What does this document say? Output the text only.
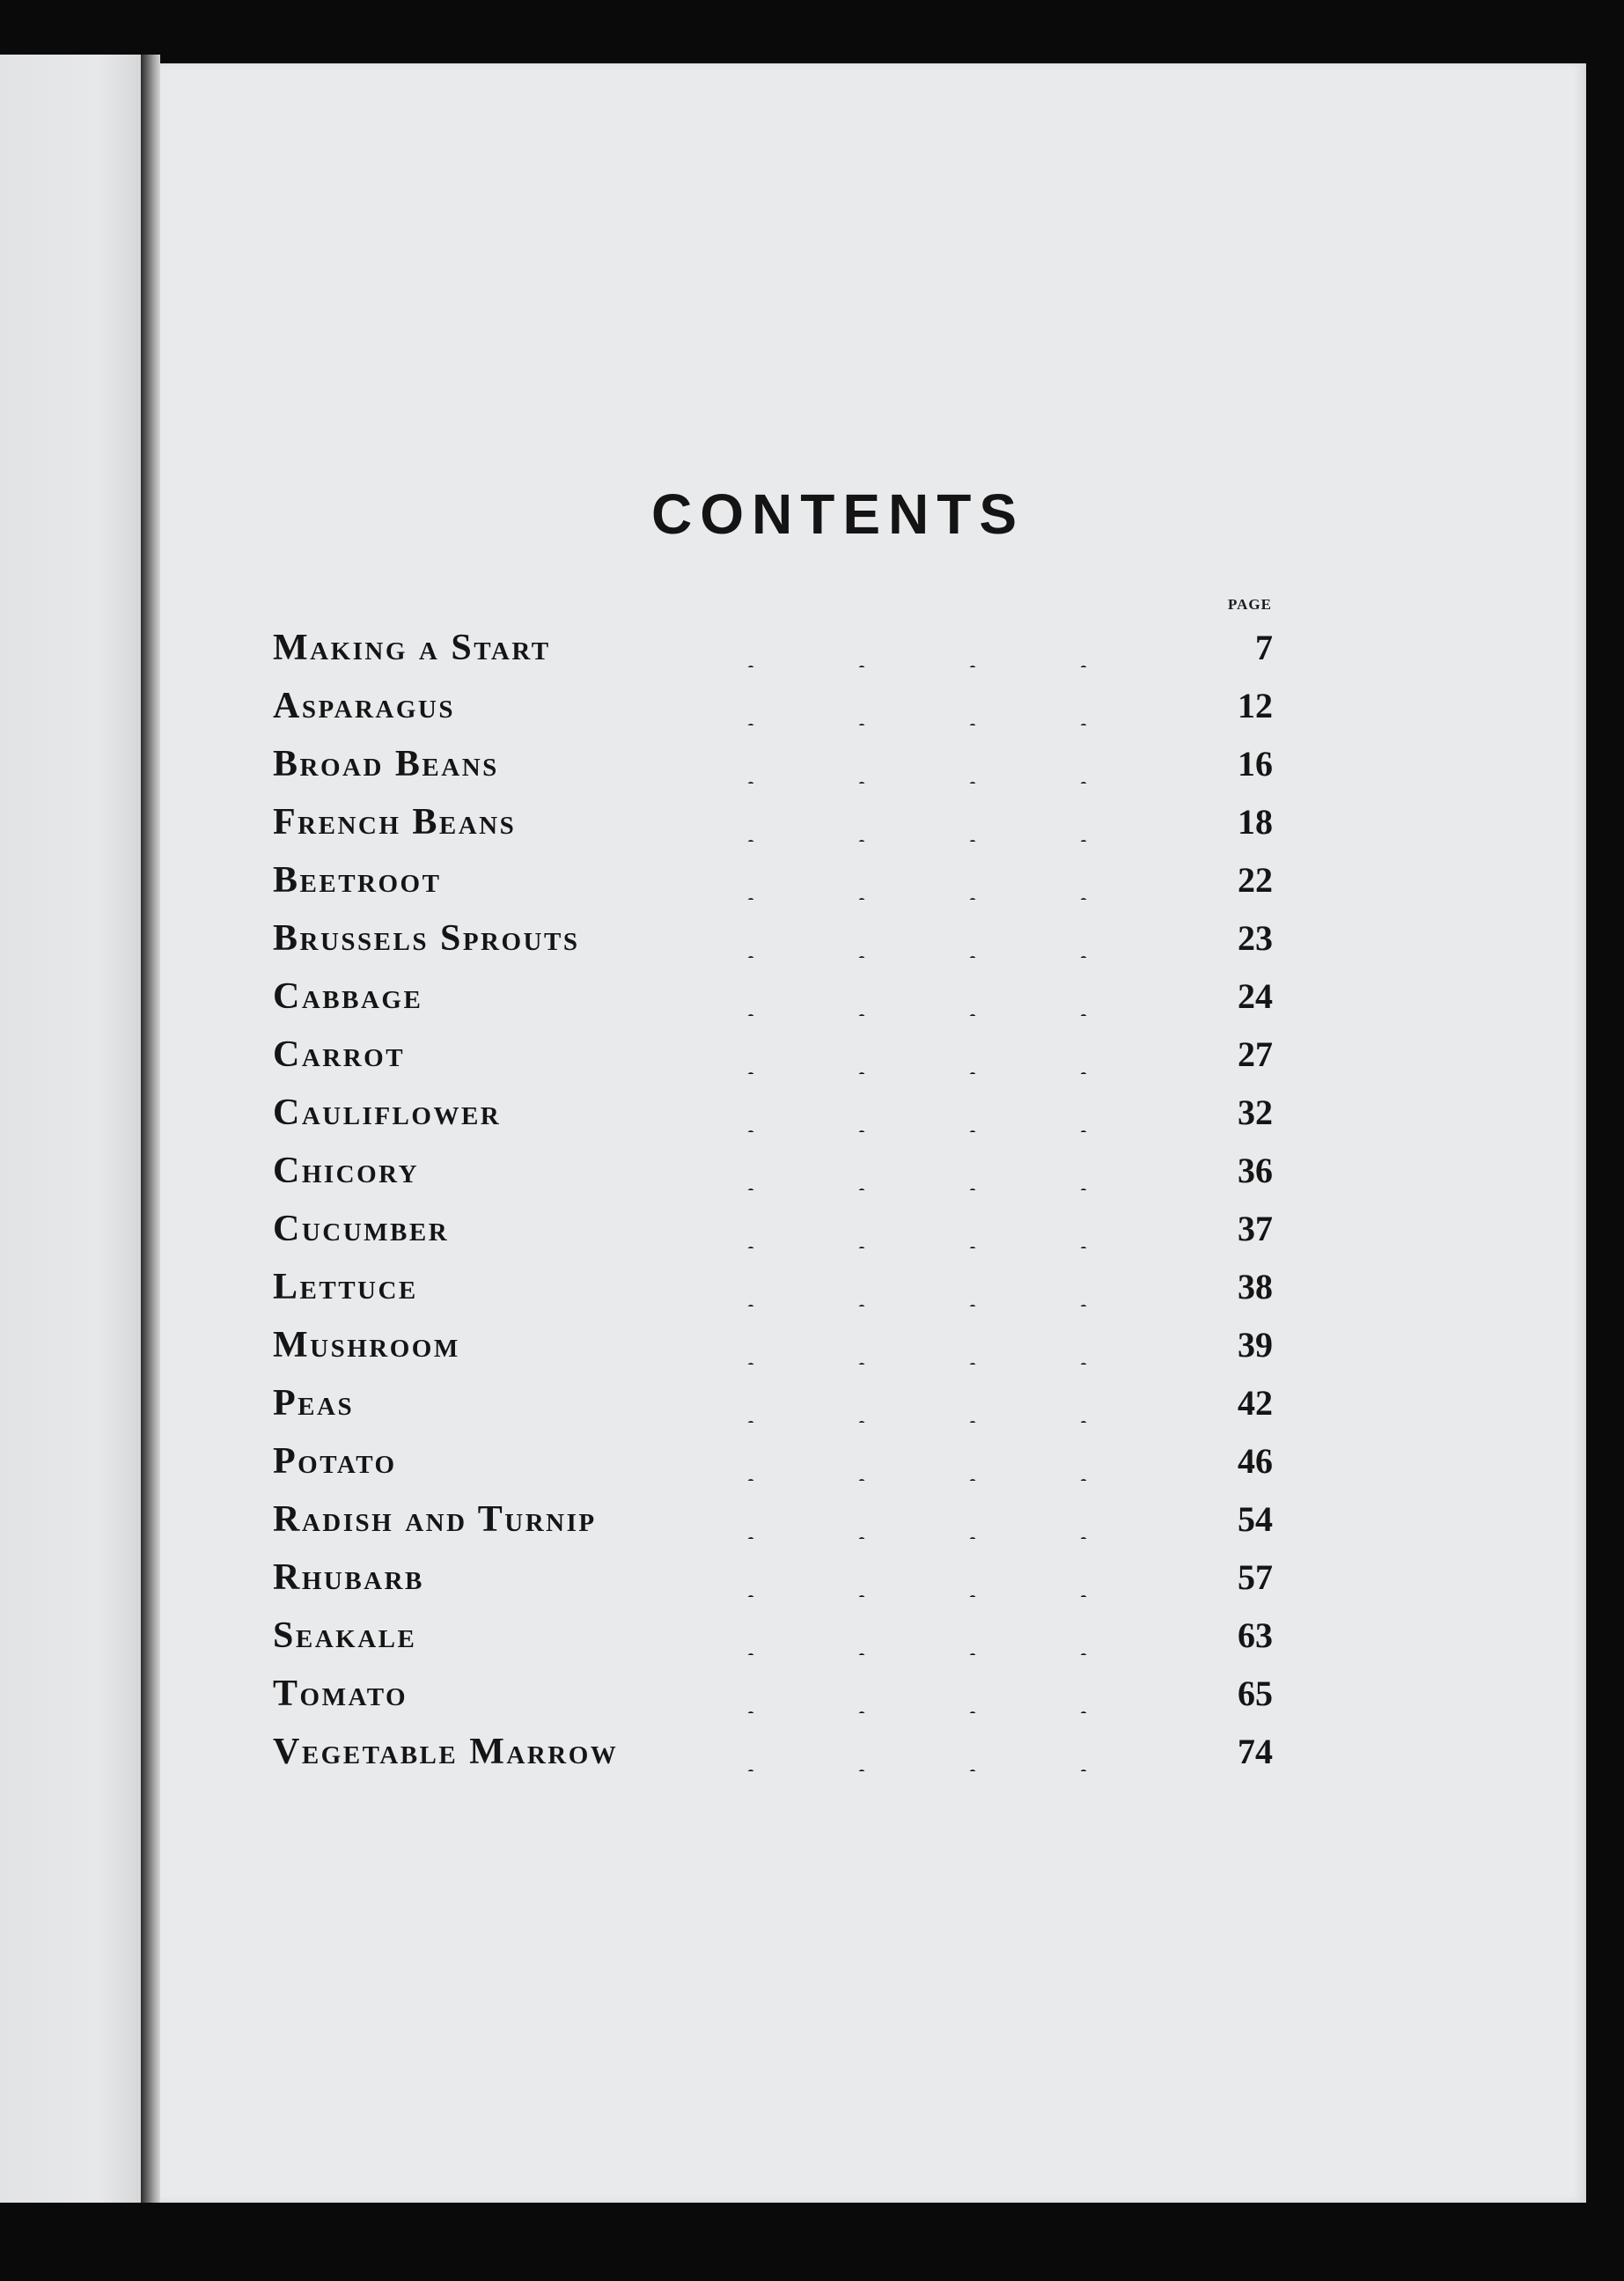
CONTENTS
PAGE
Making a Start	7
Asparagus	12
Broad Beans	16
French Beans	18
Beetroot	22
Brussels Sprouts	23
Cabbage	24
Carrot	27
Cauliflower	32
Chicory	36
Cucumber	37
Lettuce	38
Mushroom	39
Peas	42
Potato	46
Radish and Turnip	54
Rhubarb	57
Seakale	63
Tomato	65
Vegetable Marrow	74
